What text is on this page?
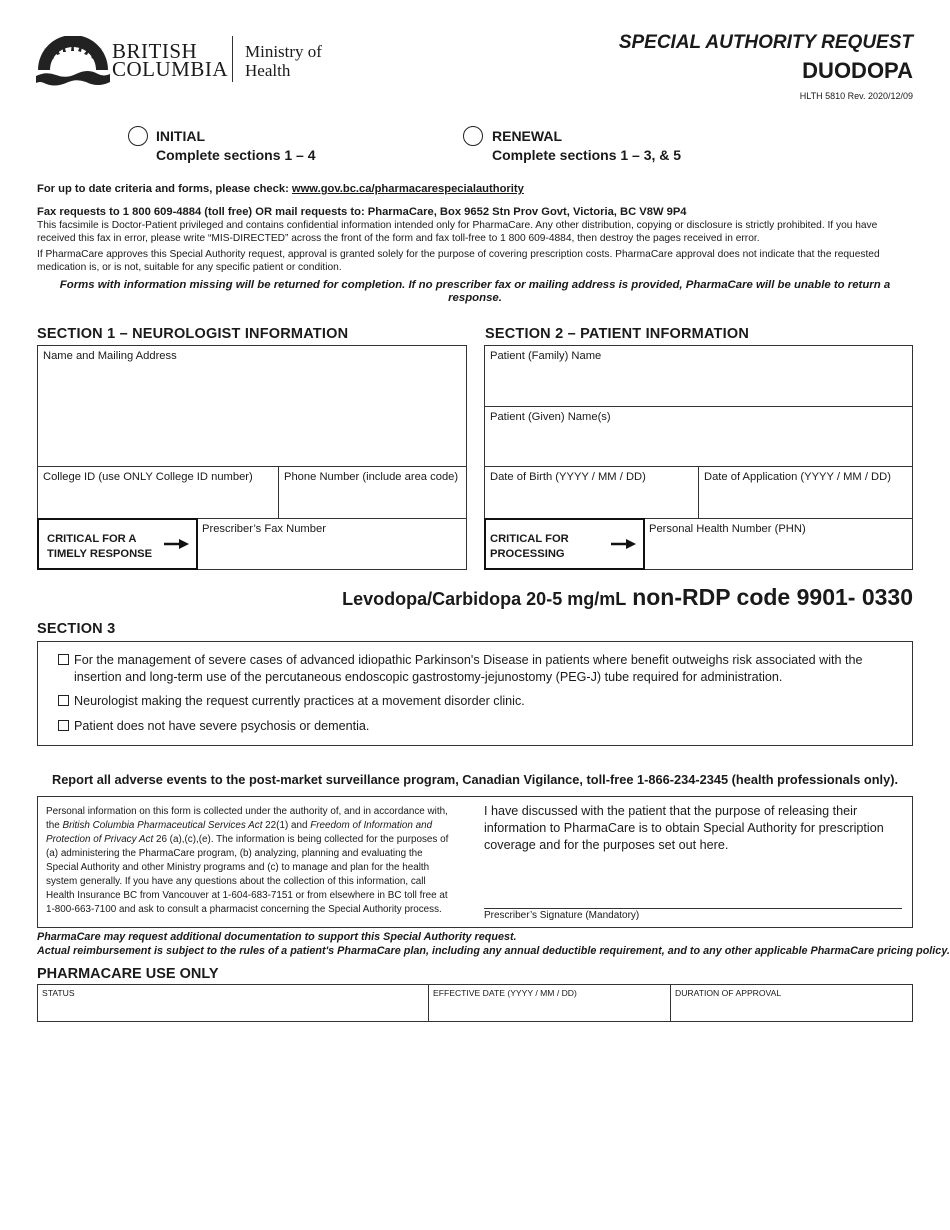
BRITISH
COLUMBIA
Ministry of
Health
SPECIAL AUTHORITY REQUEST
DUODOPA
HLTH 5810 Rev. 2020/12/09
INITIAL
Complete sections 1 – 4
RENEWAL
Complete sections 1 – 3, & 5
For up to date criteria and forms, please check: www.gov.bc.ca/pharmacarespecialauthority
Fax requests to 1 800 609-4884 (toll free) OR mail requests to: PharmaCare, Box 9652 Stn Prov Govt, Victoria, BC V8W 9P4
This facsimile is Doctor-Patient privileged and contains confidential information intended only for PharmaCare. Any other distribution, copying or disclosure is strictly prohibited. If you have received this fax in error, please write “MIS-DIRECTED” across the front of the form and fax toll-free to 1 800 609-4884, then destroy the pages received in error.
If PharmaCare approves this Special Authority request, approval is granted solely for the purpose of covering prescription costs. PharmaCare approval does not indicate that the requested medication is, or is not, suitable for any specific patient or condition.
Forms with information missing will be returned for completion. If no prescriber fax or mailing address is provided, PharmaCare will be unable to return a response.
SECTION 1 – NEUROLOGIST INFORMATION
Name and Mailing Address
College ID (use ONLY College ID number)	Phone Number (include area code)
Prescriber’s Fax Number
CRITICAL FOR A
TIMELY RESPONSE
SECTION 2 – PATIENT INFORMATION
Patient (Family) Name
Patient (Given) Name(s)
Date of Birth (YYYY / MM / DD)	Date of Application (YYYY / MM / DD)
Personal Health Number (PHN)
CRITICAL FOR
PROCESSING
Levodopa/Carbidopa 20-5 mg/mL non-RDP code 9901- 0330
SECTION 3
For the management of severe cases of advanced idiopathic Parkinson's Disease in patients where benefit outweighs risk associated with the insertion and long-term use of the percutaneous endoscopic gastrostomy-jejunostomy (PEG-J) tube required for administration.
Neurologist making the request currently practices at a movement disorder clinic.
Patient does not have severe psychosis or dementia.
Report all adverse events to the post-market surveillance program, Canadian Vigilance, toll-free 1-866-234-2345 (health professionals only).
Personal information on this form is collected under the authority of, and in accordance with, the British Columbia Pharmaceutical Services Act 22(1) and Freedom of Information and Protection of Privacy Act 26 (a),(c),(e). The information is being collected for the purposes of (a) administering the PharmaCare program, (b) analyzing, planning and evaluating the Special Authority and other Ministry programs and (c) to manage and plan for the health system generally. If you have any questions about the collection of this information, call Health Insurance BC from Vancouver at 1-604-683-7151 or from elsewhere in BC toll free at 1-800-663-7100 and ask to consult a pharmacist concerning the Special Authority process.
I have discussed with the patient that the purpose of releasing their information to PharmaCare is to obtain Special Authority for prescription coverage and for the purposes set out here.
Prescriber’s Signature (Mandatory)
PharmaCare may request additional documentation to support this Special Authority request.
Actual reimbursement is subject to the rules of a patient's PharmaCare plan, including any annual deductible requirement, and to any other applicable PharmaCare pricing policy.
PHARMACARE USE ONLY
STATUS	EFFECTIVE DATE (YYYY / MM / DD)	DURATION OF APPROVAL
